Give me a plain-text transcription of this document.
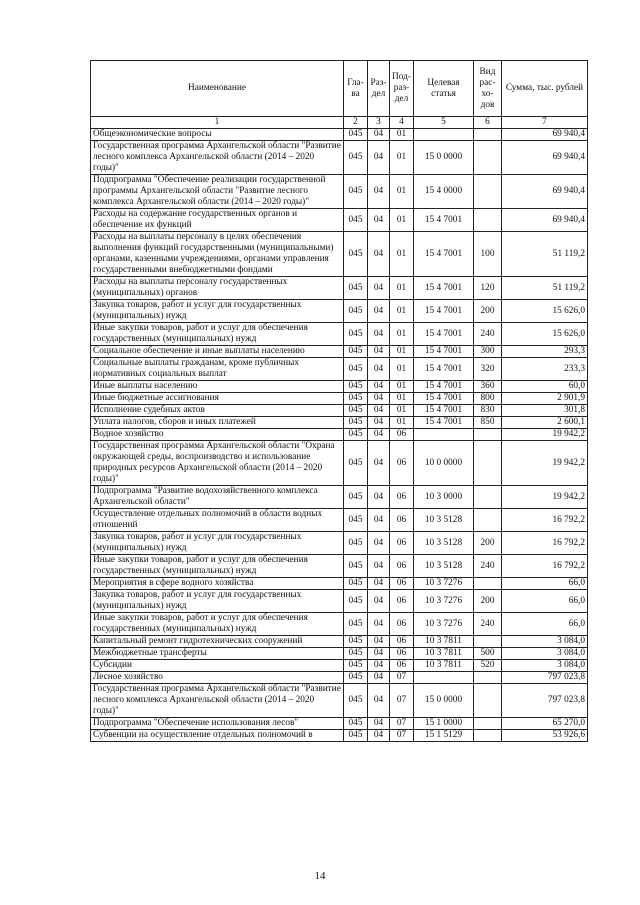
Наименование	Гла-ва	Раз-дел	Под-раз-дел	Целевая статья	Вид рас-хо-дов	Сумма, тыс. рублей
1	2	3	4	5	6	7
Общеэкономические вопросы	045	04	01			69 940,4
Государственная программа Архангельской области "Развитие лесного комплекса Архангельской области (2014 – 2020 годы)"	045	04	01	15 0 0000		69 940,4
Подпрограмма "Обеспечение реализации государственной программы Архангельской области "Развитие лесного комплекса Архангельской области (2014 – 2020 годы)"	045	04	01	15 4 0000		69 940,4
Расходы на содержание государственных органов и обеспечение их функций	045	04	01	15 4 7001		69 940,4
Расходы на выплаты персоналу в целях обеспечения выполнения функций государственными (муниципальными) органами, казенными учреждениями, органами управления государственными внебюджетными фондами	045	04	01	15 4 7001	100	51 119,2
Расходы на выплаты персоналу государственных (муниципальных) органов	045	04	01	15 4 7001	120	51 119,2
Закупка товаров, работ и услуг для государственных (муниципальных) нужд	045	04	01	15 4 7001	200	15 626,0
Иные закупки товаров, работ и услуг для обеспечения государственных (муниципальных) нужд	045	04	01	15 4 7001	240	15 626,0
Социальное обеспечение и иные выплаты населению	045	04	01	15 4 7001	300	293,3
Социальные выплаты гражданам, кроме публичных нормативных социальных выплат	045	04	01	15 4 7001	320	233,3
Иные выплаты населению	045	04	01	15 4 7001	360	60,0
Иные бюджетные ассигнования	045	04	01	15 4 7001	800	2 901,9
Исполнение судебных актов	045	04	01	15 4 7001	830	301,8
Уплата налогов, сборов и иных платежей	045	04	01	15 4 7001	850	2 600,1
Водное хозяйство	045	04	06			19 942,2
Государственная программа Архангельской области "Охрана окружающей среды, воспроизводство и использование природных ресурсов Архангельской области (2014 – 2020 годы)"	045	04	06	10 0 0000		19 942,2
Подпрограмма "Развитие водохозяйственного комплекса Архангельской области"	045	04	06	10 3 0000		19 942,2
Осуществление отдельных полномочий в области водных отношений	045	04	06	10 3 5128		16 792,2
Закупка товаров, работ и услуг для государственных (муниципальных) нужд	045	04	06	10 3 5128	200	16 792,2
Иные закупки товаров, работ и услуг для обеспечения государственных (муниципальных) нужд	045	04	06	10 3 5128	240	16 792,2
Мероприятия в сфере водного хозяйства	045	04	06	10 3 7276		66,0
Закупка товаров, работ и услуг для государственных (муниципальных) нужд	045	04	06	10 3 7276	200	66,0
Иные закупки товаров, работ и услуг для обеспечения государственных (муниципальных) нужд	045	04	06	10 3 7276	240	66,0
Капитальный ремонт гидротехнических сооружений	045	04	06	10 3 7811		3 084,0
Межбюджетные трансферты	045	04	06	10 3 7811	500	3 084,0
Субсидии	045	04	06	10 3 7811	520	3 084,0
Лесное хозяйство	045	04	07			797 023,8
Государственная программа Архангельской области "Развитие лесного комплекса Архангельской области (2014 – 2020 годы)"	045	04	07	15 0 0000		797 023,8
Подпрограмма "Обеспечение использования лесов"	045	04	07	15 1 0000		65 270,0
Субвенции на осуществление отдельных полномочий в	045	04	07	15 1 5129		53 926,6
14
